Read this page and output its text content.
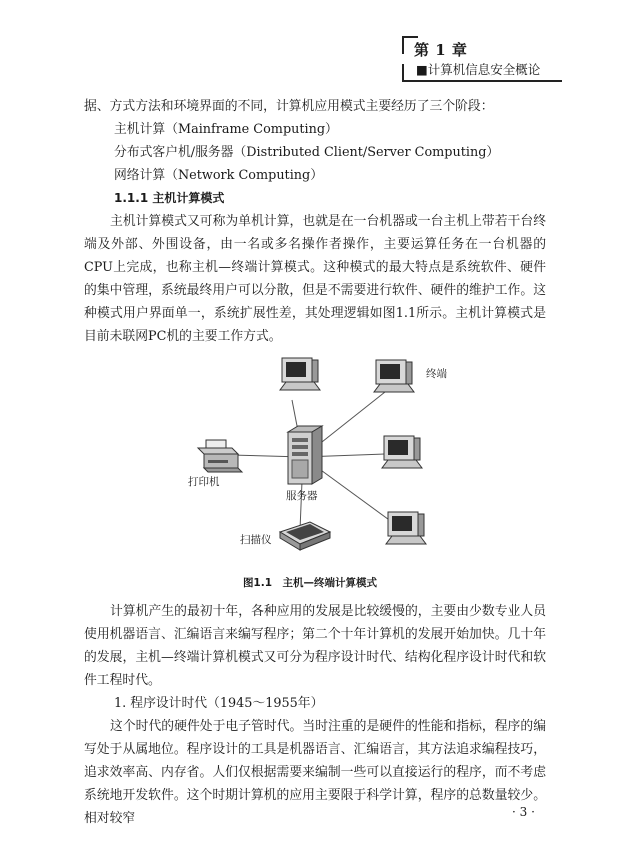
第 1 章
■计算机信息安全概论

据、方式方法和环境界面的不同，计算机应用模式主要经历了三个阶段：

主机计算（Mainframe Computing）

分布式客户机/服务器（Distributed Client/Server Computing）

网络计算（Network Computing）

1.1.1 主机计算模式

主机计算模式又可称为单机计算，也就是在一台机器或一台主机上带若干台终端及外部、外围设备，由一名或多名操作者操作，主要运算任务在一台机器的CPU上完成，也称主机—终端计算模式。这种模式的最大特点是系统软件、硬件的集中管理，系统最终用户可以分散，但是不需要进行软件、硬件的维护工作。这种模式用户界面单一，系统扩展性差，其处理逻辑如图1.1所示。主机计算模式是目前未联网PC机的主要工作方式。

终端
打印机
服务器
扫描仪
图1.1　主机—终端计算模式

计算机产生的最初十年，各种应用的发展是比较缓慢的，主要由少数专业人员使用机器语言、汇编语言来编写程序；第二个十年计算机的发展开始加快。几十年的发展，主机—终端计算机模式又可分为程序设计时代、结构化程序设计时代和软件工程时代。

1. 程序设计时代（1945～1955年）

这个时代的硬件处于电子管时代。当时注重的是硬件的性能和指标，程序的编写处于从属地位。程序设计的工具是机器语言、汇编语言，其方法追求编程技巧，追求效率高、内存省。人们仅根据需要来编制一些可以直接运行的程序，而不考虑系统地开发软件。这个时期计算机的应用主要限于科学计算，程序的总数量较少。相对较窄	· 3 ·
